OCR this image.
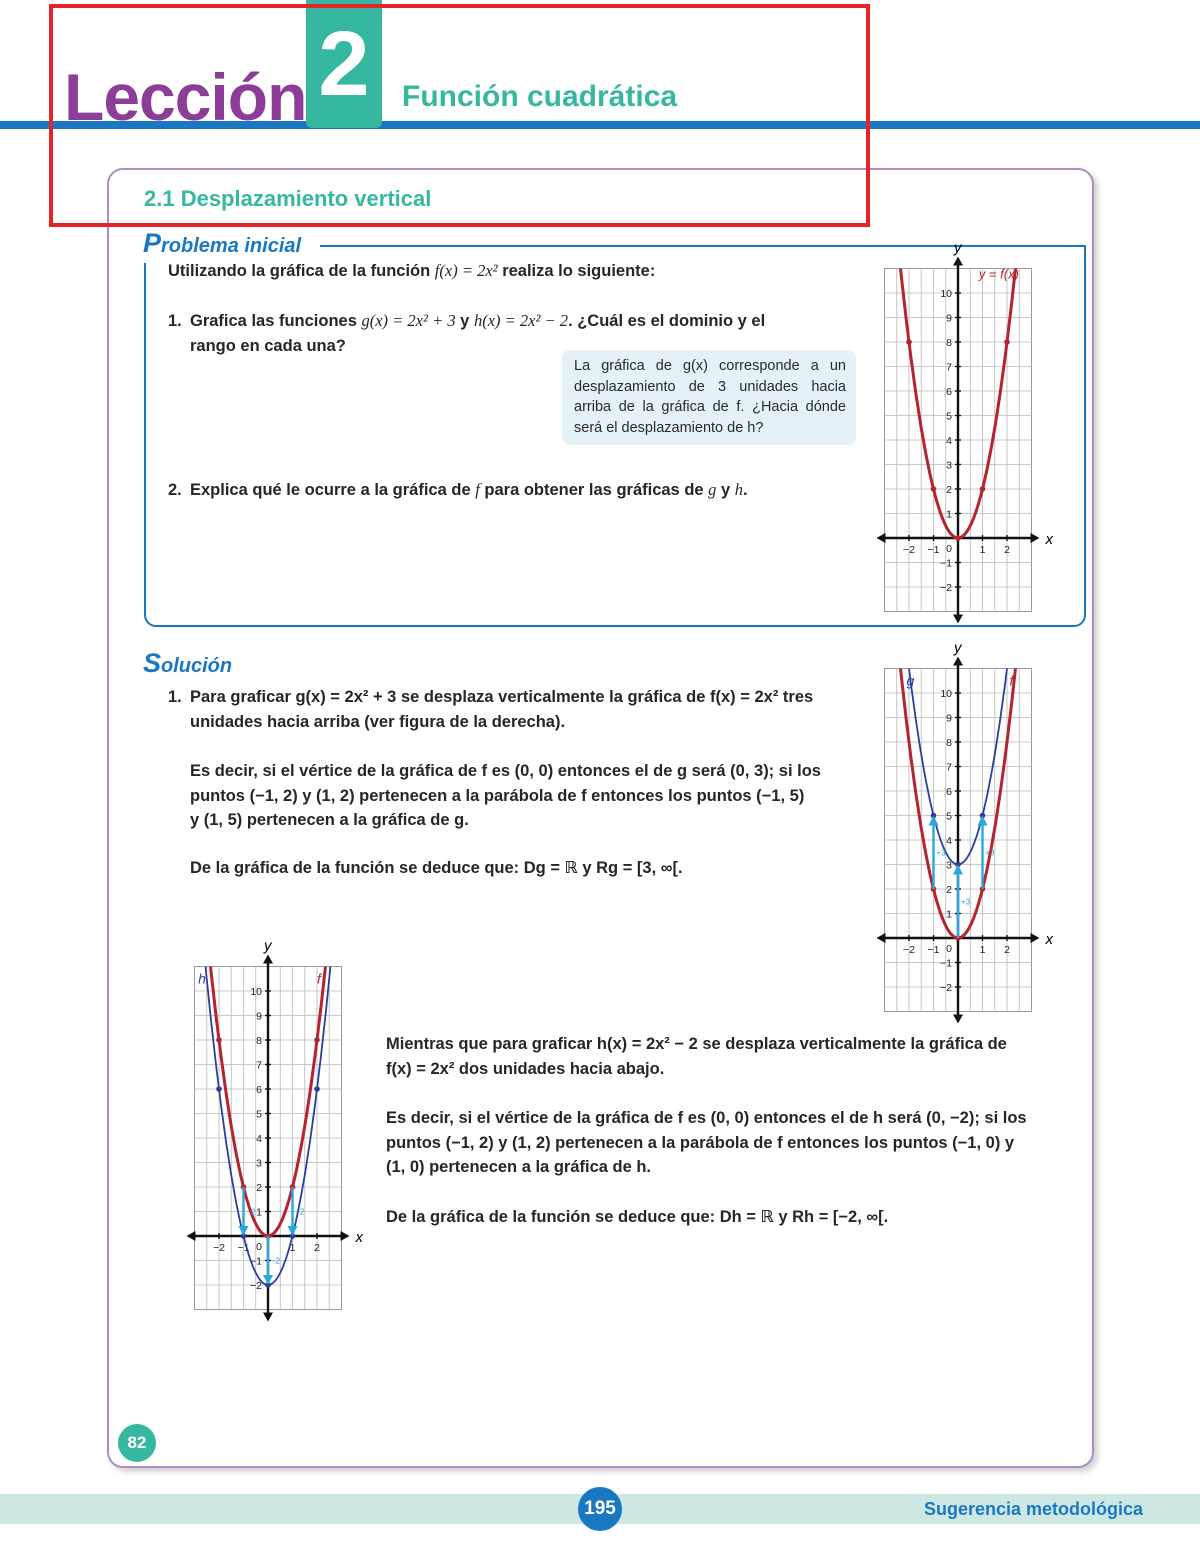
Lección 2	Función cuadrática
2.1 Desplazamiento vertical
Problema inicial
Utilizando la gráfica de la función f(x) = 2x² realiza lo siguiente:
1. Grafica las funciones g(x) = 2x² + 3 y h(x) = 2x² − 2. ¿Cuál es el dominio y el
rango en cada una?
La gráfica de g(x) corresponde a un desplazamiento de 3 unidades hacia arriba de la gráfica de f. ¿Hacia dónde será el desplazamiento de h?
2. Explica qué le ocurre a la gráfica de f para obtener las gráficas de g y h.
Solución
1. Para graficar g(x) = 2x² + 3 se desplaza verticalmente la gráfica de f(x) = 2x² tres
unidades hacia arriba (ver figura de la derecha).
Es decir, si el vértice de la gráfica de f es (0, 0) entonces el de g será (0, 3); si los
puntos (−1, 2) y (1, 2) pertenecen a la parábola de f entonces los puntos (−1, 5)
y (1, 5) pertenecen a la gráfica de g.
De la gráfica de la función se deduce que: Dg = ℝ y Rg = [3, ∞[.
Mientras que para graficar h(x) = 2x² − 2 se desplaza verticalmente la gráfica de
f(x) = 2x² dos unidades hacia abajo.
Es decir, si el vértice de la gráfica de f es (0, 0) entonces el de h será (0, −2); si los
puntos (−1, 2) y (1, 2) pertenecen a la parábola de f entonces los puntos (−1, 0) y
(1, 0) pertenecen a la gráfica de h.
De la gráfica de la función se deduce que: Dh = ℝ y Rh = [−2, ∞[.
x
y
10
9
8
7
6
5
4
3
2
1
0
−1
−2
−2 −1	1 2
y = f(x)
x
y
10
9
8
7
6
5
4
3
2
1
0
−1
−2
−2 −1	1 2
+3	+3
+3
g	f
x
y
10
9
8
7
6
5
4
3
2
1
0
−1
−2
−2 −1	1 2
−2	−2
−2
h	f
82
195	Sugerencia metodológica
